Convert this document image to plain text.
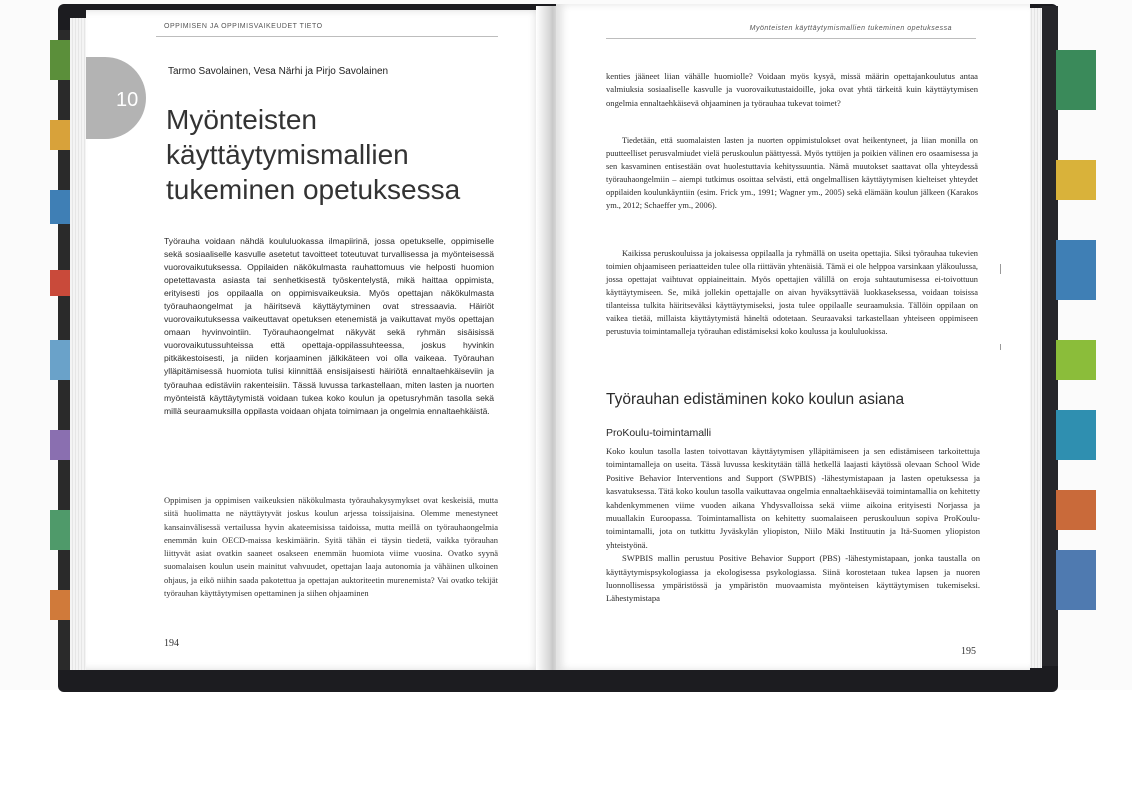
OPPIMISEN JA OPPIMISVAIKEUDET TIETO
10
Tarmo Savolainen, Vesa Närhi ja Pirjo Savolainen
Myönteisten
käyttäytymismallien
tukeminen opetuksessa
Työrauha voidaan nähdä koululuokassa ilmapiirinä, jossa opetukselle, oppimiselle sekä sosiaaliselle kasvulle asetetut tavoitteet toteutuvat turvallisessa ja myönteisessä vuorovaikutuksessa. Oppilaiden näkökulmasta rauhattomuus vie helposti huomion opetettavasta asiasta tai senhetkisestä työskentelystä, mikä haittaa oppimista, erityisesti jos oppilaalla on oppimisvaikeuksia. Myös opettajan näkökulmasta työrauhaongelmat ja häiritsevä käyttäytyminen ovat stressaavia. Häiriöt vuorovaikutuksessa vaikeuttavat opetuksen etenemistä ja vaikuttavat myös opettajan omaan hyvinvointiin. Työrauhaongelmat näkyvät sekä ryhmän sisäisissä vuorovaikutussuhteissa että opettaja-oppilassuhteessa, joskus hyvinkin pitkäkestoisesti, ja niiden korjaaminen jälkikäteen voi olla vaikeaa. Työrauhan ylläpitämisessä huomiota tulisi kiinnittää ensisijaisesti häiriötä ennaltaehkäiseviin ja työrauhaa edistäviin rakenteisiin. Tässä luvussa tarkastellaan, miten lasten ja nuorten myönteistä käyttäytymistä voidaan tukea koko koulun ja opetusryhmän tasolla sekä millä seuraamuksilla oppilasta voidaan ohjata toimimaan ja ongelmia ennaltaehkäistä.
Oppimisen ja oppimisen vaikeuksien näkökulmasta työrauhakysymykset ovat keskeisiä, mutta siitä huolimatta ne näyttäytyvät joskus koulun arjessa toissijaisina. Olemme menestyneet kansainvälisessä vertailussa hyvin akateemisissa taidoissa, mutta meillä on työrauhaongelmia enemmän kuin OECD-maissa keskimäärin. Syitä tähän ei täysin tiedetä, vaikka työrauhan liittyvät asiat ovatkin saaneet osakseen enemmän huomiota viime vuosina. Ovatko syynä suomalaisen koulun usein mainitut vahvuudet, opettajan laaja autonomia ja vähäinen ulkoinen ohjaus, ja eikö niihin saada pakotettua ja opettajan auktoriteetin murenemista? Vai ovatko tekijät työrauhan käyttäytymisen opettaminen ja siihen ohjaaminen
194
Myönteisten käyttäytymismallien tukeminen opetuksessa
kenties jääneet liian vähälle huomiolle? Voidaan myös kysyä, missä määrin opettajankoulutus antaa valmiuksia sosiaaliselle kasvulle ja vuorovaikutustaidoille, joka ovat yhtä tärkeitä kuin käyttäytymisen ongelmia ennaltaehkäisevä ohjaaminen ja työrauhaa tukevat toimet?
Tiedetään, että suomalaisten lasten ja nuorten oppimistulokset ovat heikentyneet, ja liian monilla on puutteelliset perusvalmiudet vielä peruskoulun päättyessä. Myös tyttöjen ja poikien välinen ero osaamisessa ja sen kasvaminen entisestään ovat huolestuttavia kehityssuuntia. Nämä muutokset saattavat olla yhteydessä työrauhaongelmiin – aiempi tutkimus osoittaa selvästi, että ongelmallisen käyttäytymisen kielteiset yhteydet oppilaiden koulunkäyntiin (esim. Frick ym., 1991; Wagner ym., 2005) sekä elämään koulun jälkeen (Karakos ym., 2012; Schaeffer ym., 2006).
Työrauhan edistäminen koko koulun asiana
ProKoulu-toimintamalli
Koko koulun tasolla lasten toivottavan käyttäytymisen ylläpitämiseen ja sen edistämiseen tarkoitettuja toimintamalleja on useita. Tässä luvussa keskitytään tällä hetkellä laajasti käytössä olevaan School Wide Positive Behavior Interventions and Support (SWPBIS) -lähestymistapaan ja lasten opetuksessa ja kasvatuksessa. Tätä koko koulun tasolla vaikuttavaa ongelmia ennaltaehkäisevää toimintamallia on kehitetty kahdenkymmenen viime vuoden aikana Yhdysvalloissa sekä viime aikoina erityisesti Norjassa ja muuallakin Euroopassa. Toimintamallista on kehitetty suomalaiseen peruskouluun sopiva ProKoulu-toimintamalli, jota on tutkittu Jyväskylän yliopiston, Niilo Mäki Instituutin ja Itä-Suomen yliopiston yhteistyönä.
SWPBIS mallin perustuu Positive Behavior Support (PBS) -lähestymistapaan, jonka taustalla on käyttäytymispsykologiassa ja ekologisessa psykologiassa. Siinä korostetaan tukea lapsen ja nuoren luonnollisessa ympäristössä ja ympäristön muovaamista myönteisen käyttäytymisen tukemiseksi. Lähestymistapa
195
Kaikissa peruskouluissa ja jokaisessa oppilaalla ja ryhmällä on useita opettajia. Siksi työrauhaa tukevien toimien ohjaamiseen periaatteiden tulee olla riittävän yhtenäisiä. Tämä ei ole helppoa varsinkaan yläkoulussa, jossa opettajat vaihtuvat oppiaineittain. Myös opettajien välillä on eroja suhtautumisessa ei-toivottuun käyttäytymiseen. Se, mikä jollekin opettajalle on aivan hyväksyttävää luokkaseksessa, voidaan toisissa tilanteissa tulkita häiritseväksi käyttäytymiseksi, josta tulee oppilaalle seuraamuksia. Tällöin oppilaan on vaikea tietää, millaista käyttäytymistä häneltä odotetaan. Seuraavaksi tarkastellaan yhteiseen oppimiseen perustuvia toimintamalleja työrauhan edistämiseksi koko koulussa ja koululuokissa.
